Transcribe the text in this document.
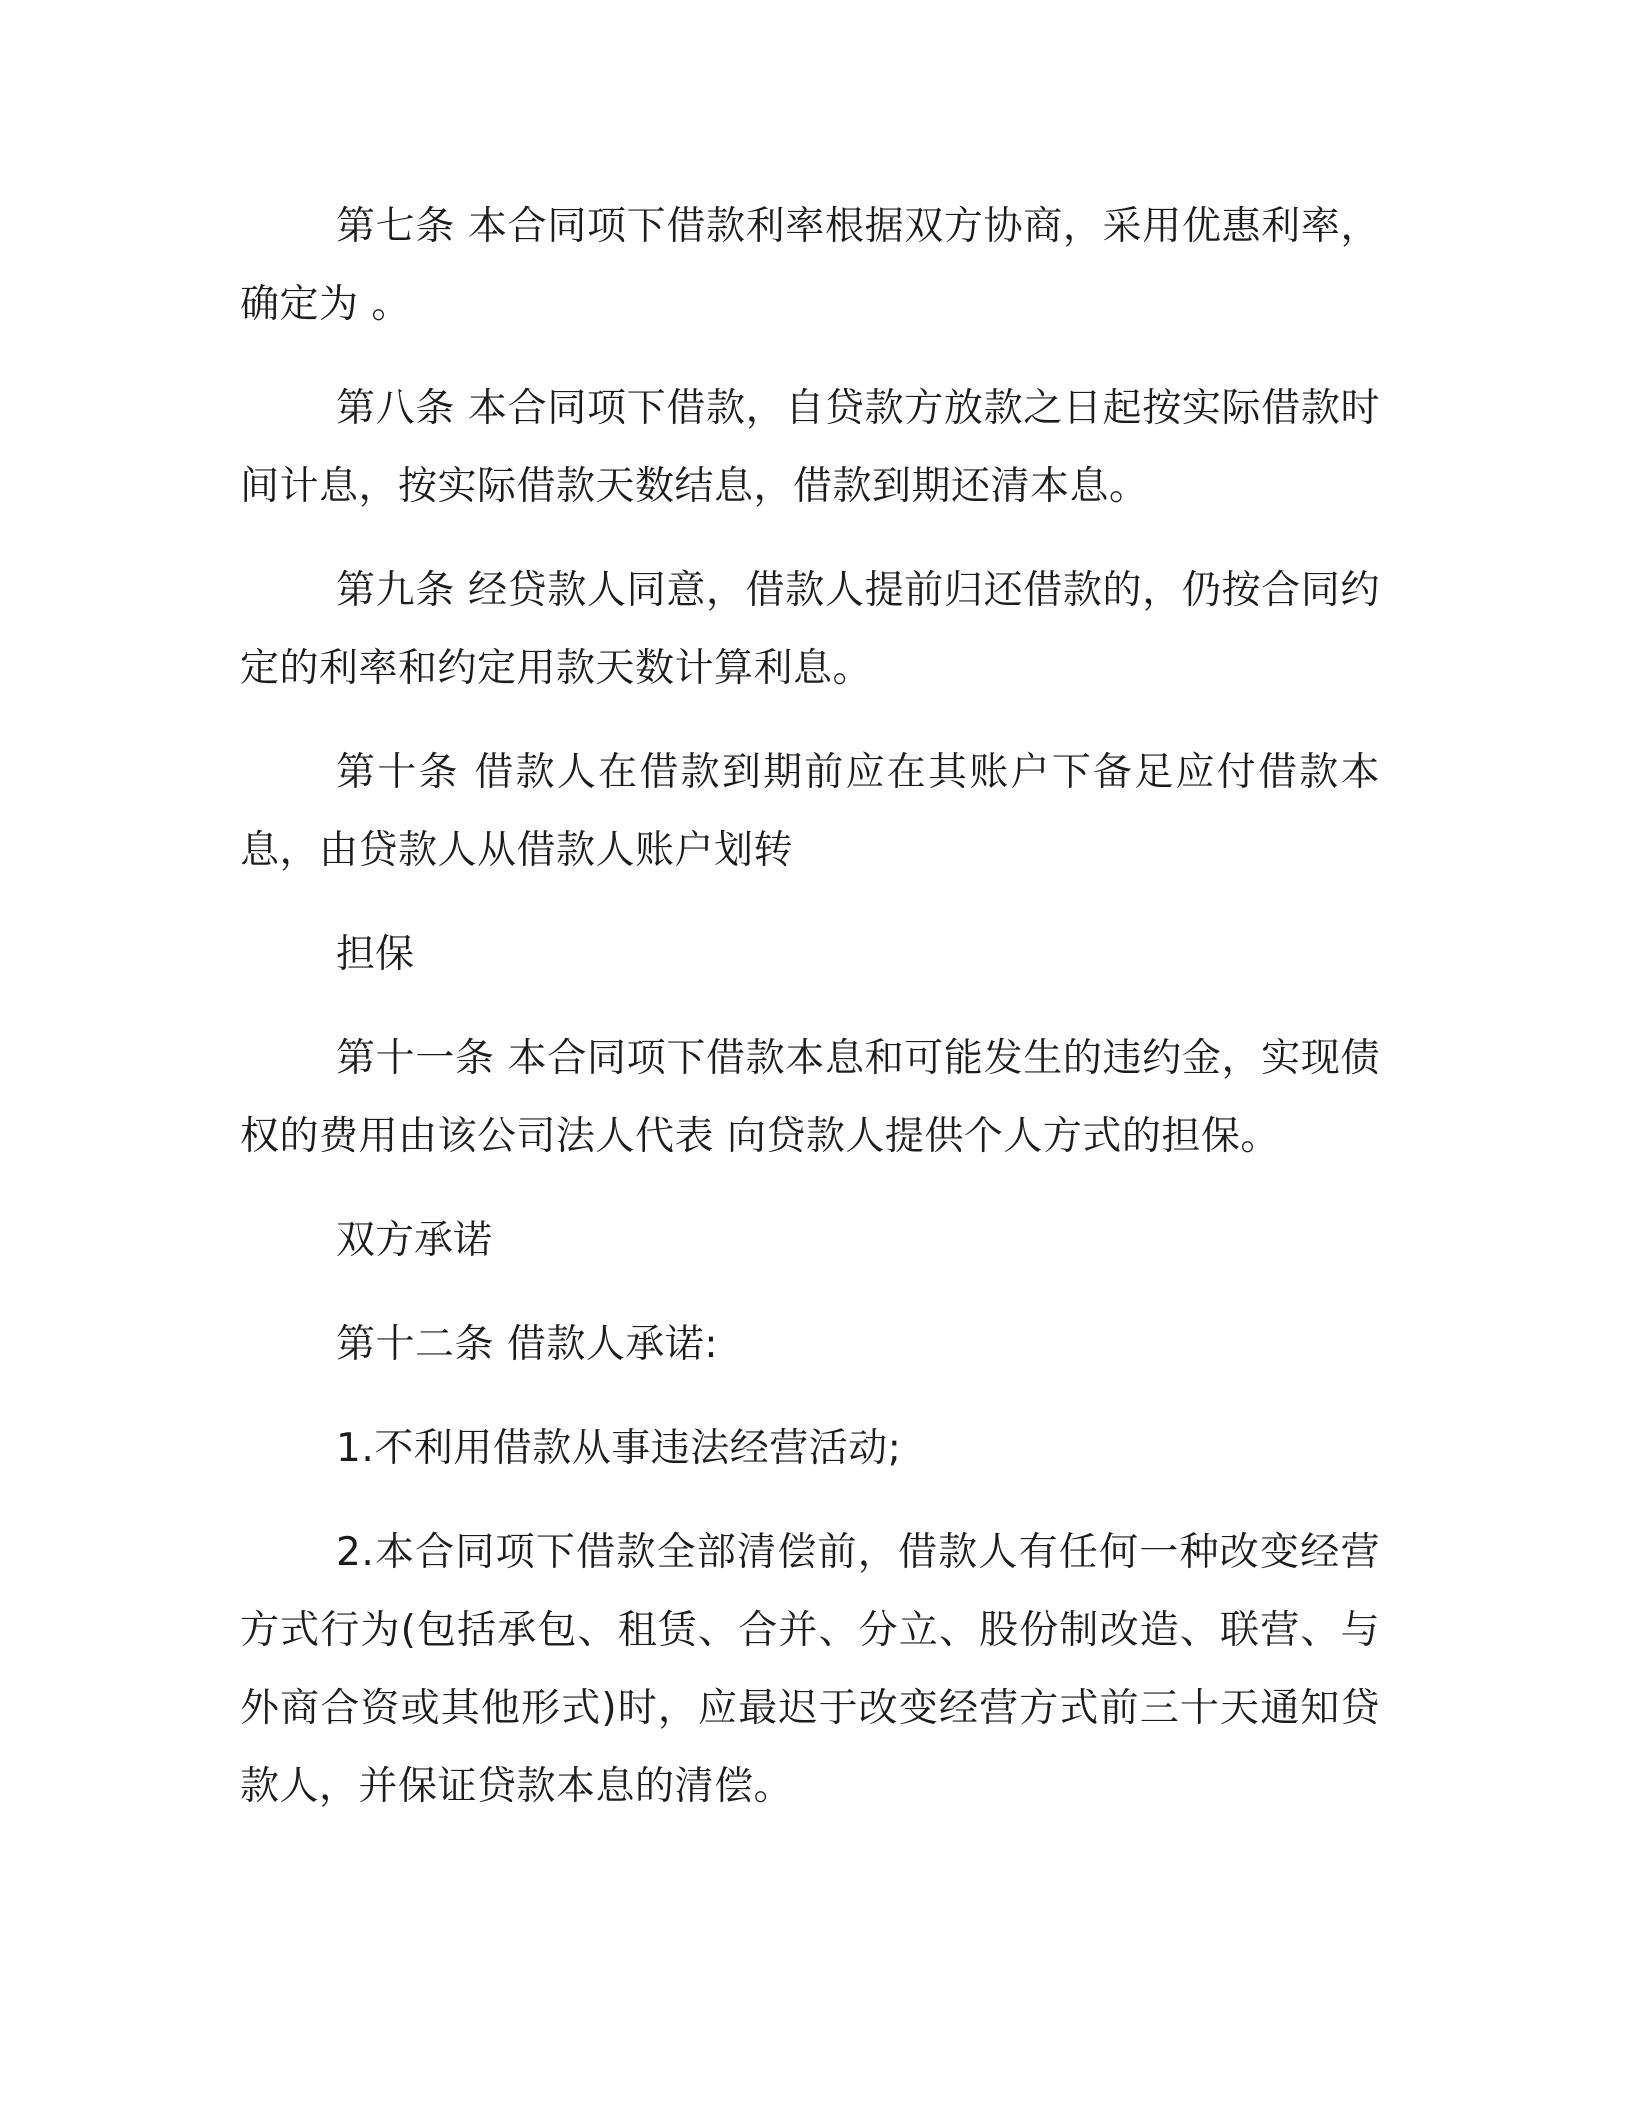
第七条 本合同项下借款利率根据双方协商，采用优惠利率，确定为 。

第八条 本合同项下借款，自贷款方放款之日起按实际借款时间计息，按实际借款天数结息，借款到期还清本息。

第九条 经贷款人同意，借款人提前归还借款的，仍按合同约定的利率和约定用款天数计算利息。

第十条 借款人在借款到期前应在其账户下备足应付借款本息，由贷款人从借款人账户划转

担保

第十一条 本合同项下借款本息和可能发生的违约金，实现债权的费用由该公司法人代表 向贷款人提供个人方式的担保。

双方承诺

第十二条 借款人承诺:

1.不利用借款从事违法经营活动;

2.本合同项下借款全部清偿前，借款人有任何一种改变经营方式行为(包括承包、租赁、合并、分立、股份制改造、联营、与外商合资或其他形式)时，应最迟于改变经营方式前三十天通知贷款人，并保证贷款本息的清偿。
